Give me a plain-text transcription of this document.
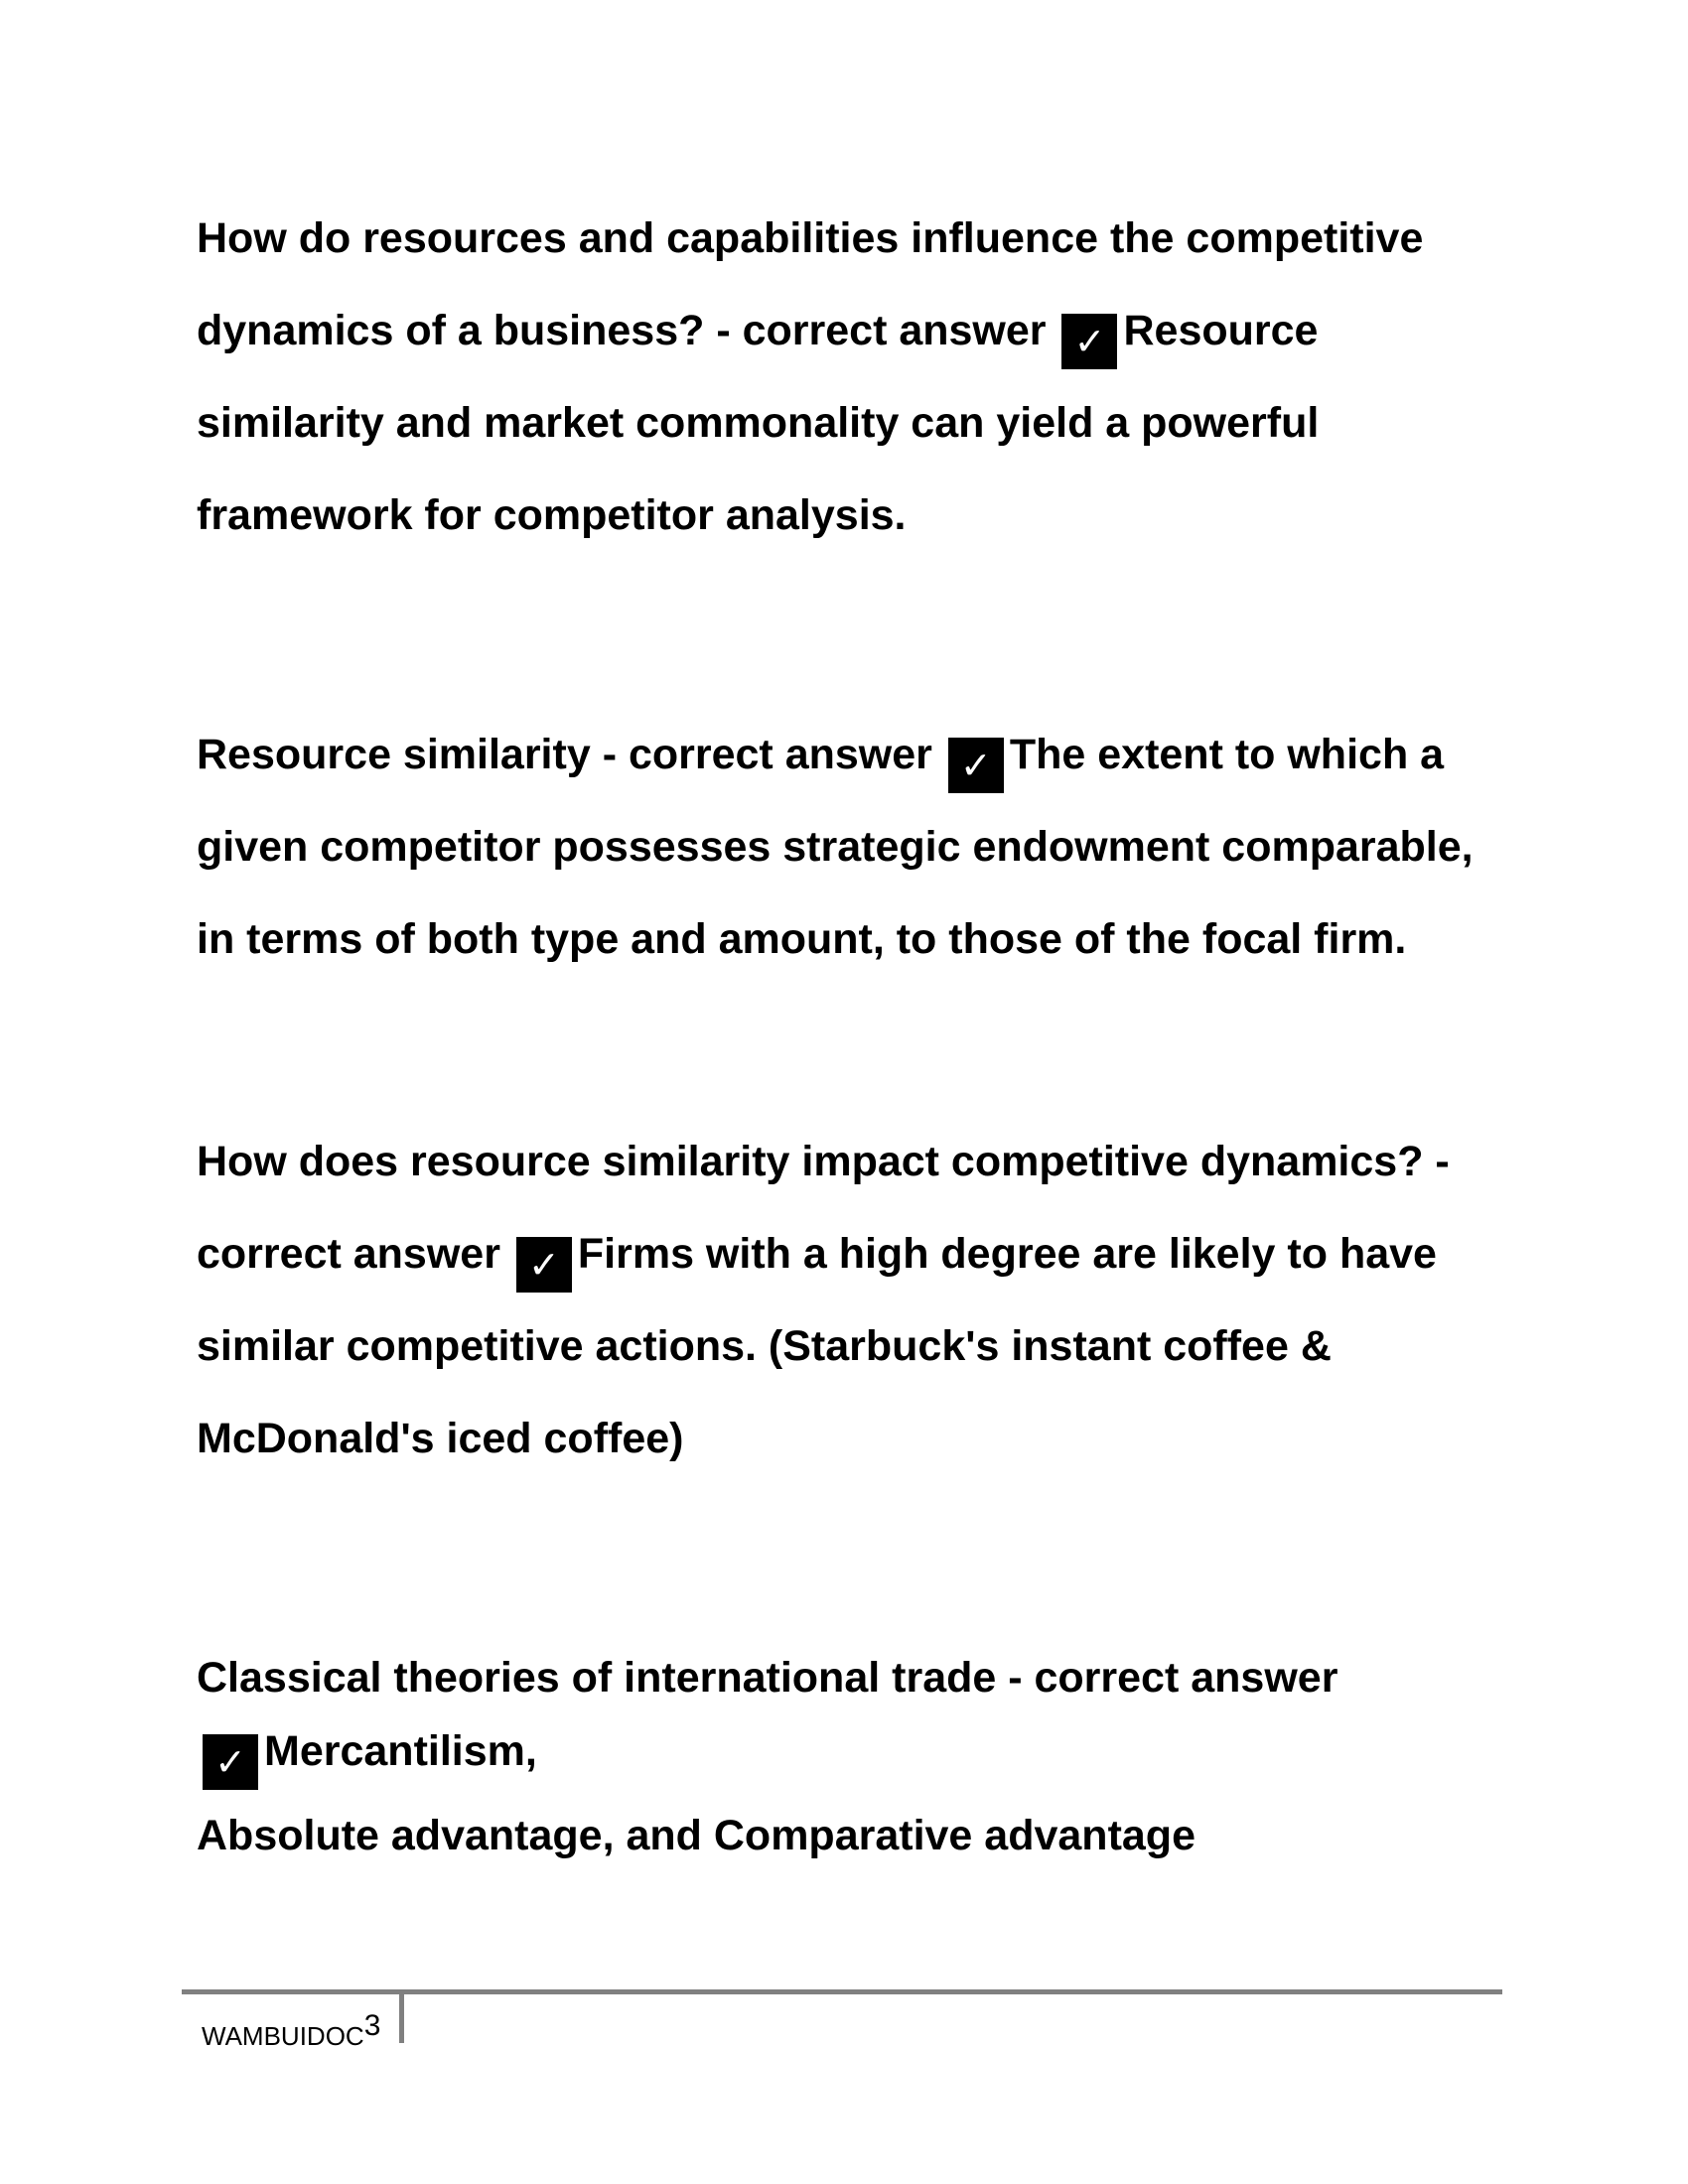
How do resources and capabilities influence the competitive
dynamics of a business? - correct answer ✓ Resource
similarity and market commonality can yield a powerful
framework for competitor analysis.
Resource similarity - correct answer ✓ The extent to which a
given competitor possesses strategic endowment comparable,
in terms of both type and amount, to those of the focal firm.
How does resource similarity impact competitive dynamics? -
correct answer ✓ Firms with a high degree are likely to have
similar competitive actions. (Starbuck's instant coffee &
McDonald's iced coffee)
Classical theories of international trade - correct answer
✓ Mercantilism,
Absolute advantage, and Comparative advantage
WAMBUIDOC3
